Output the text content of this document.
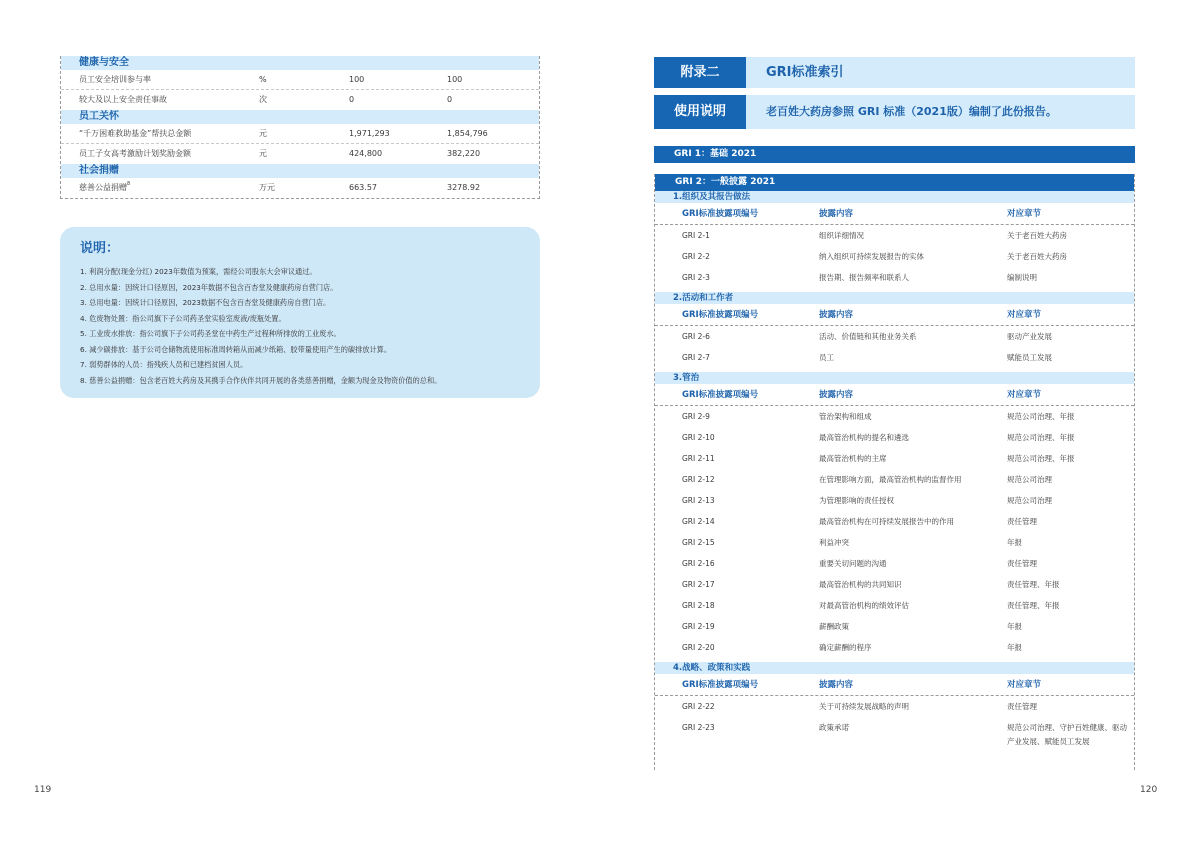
健康与安全
员工安全培训参与率	%	100	100
较大及以上安全责任事故	次	0	0
员工关怀
“千万困难救助基金”帮扶总金额	元	1,971,293	1,854,796
员工子女高考激励计划奖励金额	元	424,800	382,220
社会捐赠
慈善公益捐赠$^8$	万元	663.57	3278.92
说明：
1. 利润分配(现金分红) 2023年数值为预案，需经公司股东大会审议通过。
2. 总用水量：因统计口径原因，2023年数据不包含百杏堂及健康药房自营门店。
3. 总用电量：因统计口径原因，2023数据不包含百杏堂及健康药房自营门店。
4. 危废物处置：指公司旗下子公司药圣堂实验室废液/废瓶处置。
5. 工业废水排放：指公司旗下子公司药圣堂在中药生产过程种所排放的工业废水。
6. 减少碳排放：基于公司仓储物流使用标准周转箱从而减少纸箱、胶带量使用产生的碳排放计算。
7. 弱势群体的人员：指残疾人员和已建档贫困人员。
8. 慈善公益捐赠：包含老百姓大药房及其携手合作伙伴共同开展的各类慈善捐赠，金额为现金及物资价值的总和。
119
附录二	GRI标准索引
使用说明	老百姓大药房参照 GRI 标准（2021版）编制了此份报告。
GRI 1：基础 2021
GRI 2：一般披露 2021
1.组织及其报告做法
GRI标准披露项编号	披露内容	对应章节
GRI 2-1	组织详细情况	关于老百姓大药房
GRI 2-2	纳入组织可持续发展报告的实体	关于老百姓大药房
GRI 2-3	报告期、报告频率和联系人	编制说明
2.活动和工作者
GRI标准披露项编号	披露内容	对应章节
GRI 2-6	活动、价值链和其他业务关系	驱动产业发展
GRI 2-7	员工	赋能员工发展
3.管治
GRI标准披露项编号	披露内容	对应章节
GRI 2-9	管治架构和组成	规范公司治理、年报
GRI 2-10	最高管治机构的提名和遴选	规范公司治理、年报
GRI 2-11	最高管治机构的主席	规范公司治理、年报
GRI 2-12	在管理影响方面，最高管治机构的监督作用	规范公司治理
GRI 2-13	为管理影响的责任授权	规范公司治理
GRI 2-14	最高管治机构在可持续发展报告中的作用	责任管理
GRI 2-15	利益冲突	年报
GRI 2-16	重要关切问题的沟通	责任管理
GRI 2-17	最高管治机构的共同知识	责任管理、年报
GRI 2-18	对最高管治机构的绩效评估	责任管理、年报
GRI 2-19	薪酬政策	年报
GRI 2-20	确定薪酬的程序	年报
4.战略、政策和实践
GRI标准披露项编号	披露内容	对应章节
GRI 2-22	关于可持续发展战略的声明	责任管理
GRI 2-23	政策承诺	规范公司治理、守护百姓健康、驱动产业发展、赋能员工发展
120
